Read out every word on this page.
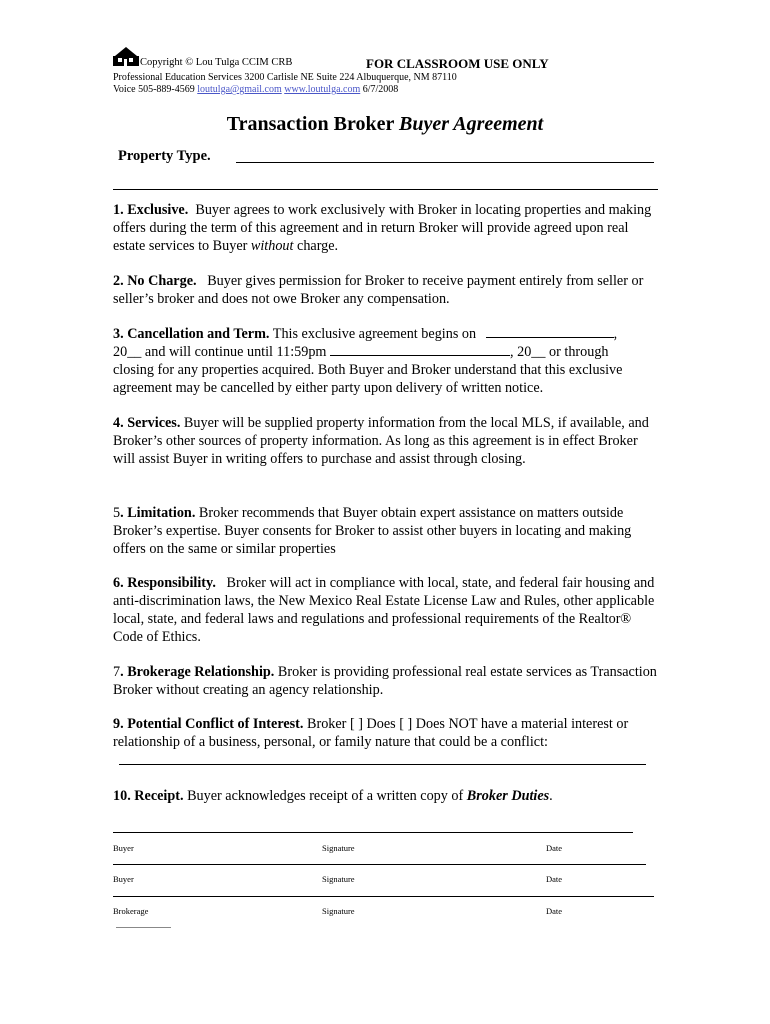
Copyright © Lou Tulga CCIM CRB	FOR CLASSROOM USE ONLY
Professional Education Services 3200 Carlisle NE Suite 224 Albuquerque, NM 87110
Voice 505-889-4569 loutulga@gmail.com www.loutulga.com 6/7/2008
Transaction Broker Buyer Agreement
Property Type.
1. Exclusive. Buyer agrees to work exclusively with Broker in locating properties and making offers during the term of this agreement and in return Broker will provide agreed upon real estate services to Buyer without charge.
2. No Charge. Buyer gives permission for Broker to receive payment entirely from seller or seller’s broker and does not owe Broker any compensation.
3. Cancellation and Term. This exclusive agreement begins on	,
20__ and will continue until 11:59pm	, 20__ or through
closing for any properties acquired. Both Buyer and Broker understand that this exclusive agreement may be cancelled by either party upon delivery of written notice.
4. Services. Buyer will be supplied property information from the local MLS, if available, and Broker’s other sources of property information. As long as this agreement is in effect Broker will assist Buyer in writing offers to purchase and assist through closing.
5. Limitation. Broker recommends that Buyer obtain expert assistance on matters outside Broker’s expertise. Buyer consents for Broker to assist other buyers in locating and making offers on the same or similar properties
6. Responsibility. Broker will act in compliance with local, state, and federal fair housing and anti-discrimination laws, the New Mexico Real Estate License Law and Rules, other applicable local, state, and federal laws and regulations and professional requirements of the Realtor® Code of Ethics.
7. Brokerage Relationship. Broker is providing professional real estate services as Transaction Broker without creating an agency relationship.
9. Potential Conflict of Interest. Broker [ ] Does [ ] Does NOT have a material interest or relationship of a business, personal, or family nature that could be a conflict:
10. Receipt. Buyer acknowledges receipt of a written copy of Broker Duties.
Buyer	Signature	Date
Buyer	Signature	Date
Brokerage	Signature	Date
